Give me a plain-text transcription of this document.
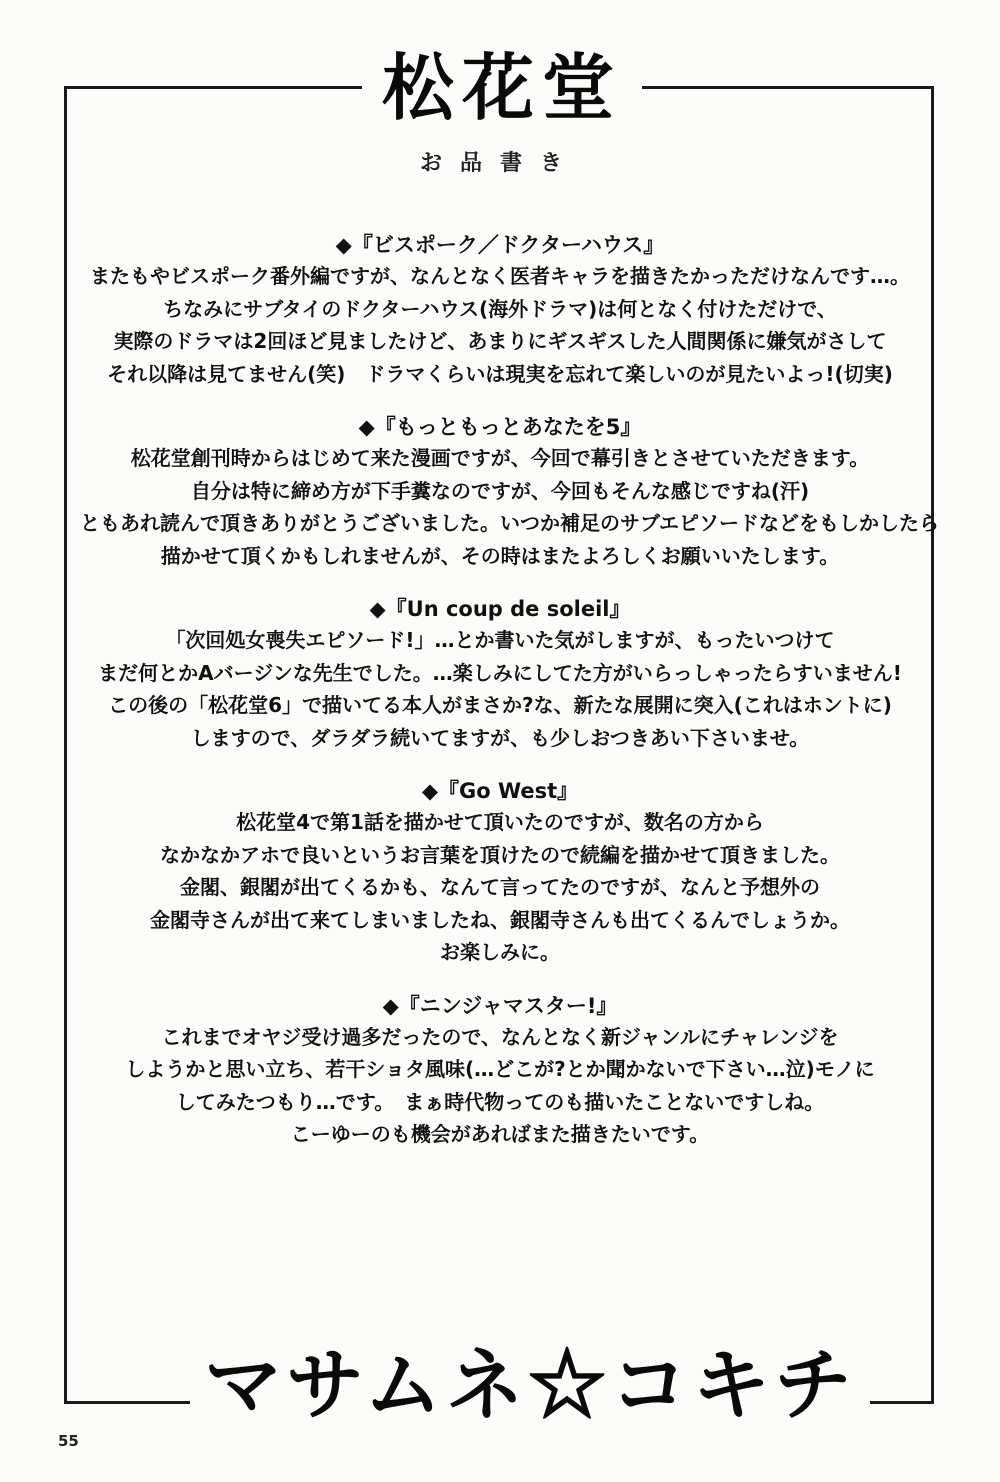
松花堂
お品書き
◆『ビスポーク／ドクターハウス』
またもやビスポーク番外編ですが、なんとなく医者キャラを描きたかっただけなんです…。
ちなみにサブタイのドクターハウス(海外ドラマ)は何となく付けただけで、
実際のドラマは2回ほど見ましたけど、あまりにギスギスした人間関係に嫌気がさして
それ以降は見てません(笑)　ドラマくらいは現実を忘れて楽しいのが見たいよっ!(切実)
◆『もっともっとあなたを5』
松花堂創刊時からはじめて来た漫画ですが、今回で幕引きとさせていただきます。
自分は特に締め方が下手糞なのですが、今回もそんな感じですね(汗)
ともあれ読んで頂きありがとうございました。いつか補足のサブエピソードなどをもしかしたら
描かせて頂くかもしれませんが、その時はまたよろしくお願いいたします。
◆『Un coup de soleil』
「次回処女喪失エピソード!」…とか書いた気がしますが、もったいつけて
まだ何とかAバージンな先生でした。…楽しみにしてた方がいらっしゃったらすいません!
この後の「松花堂6」で描いてる本人がまさか?な、新たな展開に突入(これはホントに)
しますので、ダラダラ続いてますが、も少しおつきあい下さいませ。
◆『Go West』
松花堂4で第1話を描かせて頂いたのですが、数名の方から
なかなかアホで良いというお言葉を頂けたので続編を描かせて頂きました。
金閣、銀閣が出てくるかも、なんて言ってたのですが、なんと予想外の
金閣寺さんが出て来てしまいましたね、銀閣寺さんも出てくるんでしょうか。
お楽しみに。
◆『ニンジャマスター!』
これまでオヤジ受け過多だったので、なんとなく新ジャンルにチャレンジを
しようかと思い立ち、若干ショタ風味(…どこが?とか聞かないで下さい…泣)モノに
してみたつもり…です。　まぁ時代物ってのも描いたことないですしね。
こーゆーのも機会があればまた描きたいです。
マサムネ☆コキチ
55
